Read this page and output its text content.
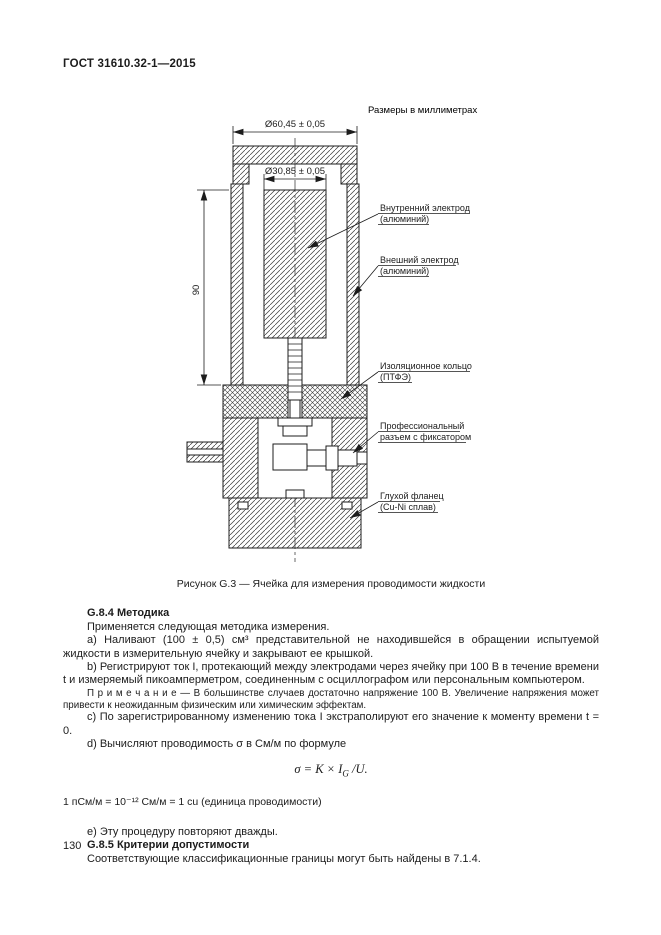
ГОСТ 31610.32-1—2015
Размеры в миллиметрах
Ø60,45 ± 0,05
Ø30,85 ± 0,05
90
Внутренний электрод
(алюминий)
Внешний электрод
(алюминий)
Изоляционное кольцо
(ПТФЭ)
Профессиональный
разъем с фиксатором
Глухой фланец
(Cu-Ni сплав)
Рисунок G.3 — Ячейка для измерения проводимости жидкости
G.8.4 Методика

Применяется следующая методика измерения.

а) Наливают (100 ± 0,5) см³ представительной не находившейся в обращении испытуемой жидкости в измерительную ячейку и закрывают ее крышкой.

b) Регистрируют ток I, протекающий между электродами через ячейку при 100 В в течение времени t и измеряемый пикоамперметром, соединенным с осциллографом или персональным компьютером.

П р и м е ч а н и е — В большинстве случаев достаточно напряжение 100 В. Увеличение напряжения может привести к неожиданным физическим или химическим эффектам.

c) По зарегистрированному изменению тока I экстраполируют его значение к моменту времени t = 0.

d) Вычисляют проводимость σ в См/м по формуле

$\sigma = K \times I_G$ /U.

1 пСм/м = 10⁻¹² См/м = 1 cu (единица проводимости)

е) Эту процедуру повторяют дважды.

G.8.5 Критерии допустимости

Соответствующие классификационные границы могут быть найдены в 7.1.4.

130
